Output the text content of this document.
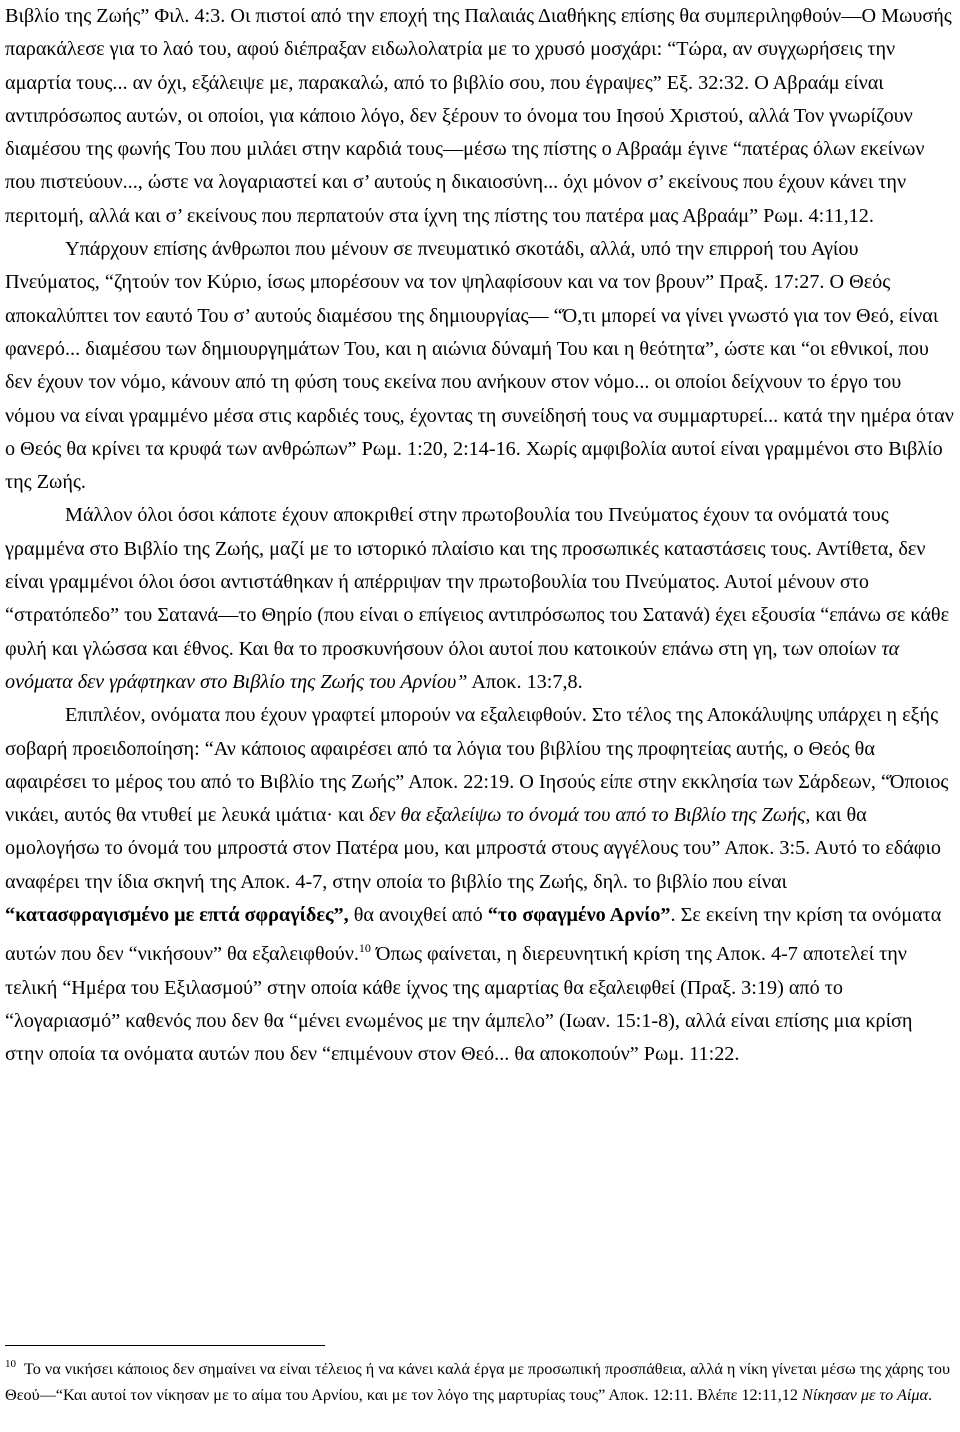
Βιβλίο της Ζωής” Φιλ. 4:3. Οι πιστοί από την εποχή της Παλαιάς Διαθήκης επίσης θα συμπεριληφθούν—Ο Μωυσής παρακάλεσε για το λαό του, αφού διέπραξαν ειδωλολατρία με το χρυσό μοσχάρι: “Τώρα, αν συγχωρήσεις την αμαρτία τους... αν όχι, εξάλειψε με, παρακαλώ, από το βιβλίο σου, που έγραψες” Εξ. 32:32. Ο Αβραάμ είναι αντιπρόσωπος αυτών, οι οποίοι, για κάποιο λόγο, δεν ξέρουν το όνομα του Ιησού Χριστού, αλλά Τον γνωρίζουν διαμέσου της φωνής Του που μιλάει στην καρδιά τους—μέσω της πίστης ο Αβραάμ έγινε “πατέρας όλων εκείνων που πιστεύουν..., ώστε να λογαριαστεί και σ’ αυτούς η δικαιοσύνη... όχι μόνον σ’ εκείνους που έχουν κάνει την περιτομή, αλλά και σ’ εκείνους που περπατούν στα ίχνη της πίστης του πατέρα μας Αβραάμ” Ρωμ. 4:11,12.

Υπάρχουν επίσης άνθρωποι που μένουν σε πνευματικό σκοτάδι, αλλά, υπό την επιρροή του Αγίου Πνεύματος, “ζητούν τον Κύριο, ίσως μπορέσουν να τον ψηλαφίσουν και να τον βρουν” Πραξ. 17:27. Ο Θεός αποκαλύπτει τον εαυτό Του σ’ αυτούς διαμέσου της δημιουργίας— “Ό,τι μπορεί να γίνει γνωστό για τον Θεό, είναι φανερό... διαμέσου των δημιουργημάτων Του, και η αιώνια δύναμή Του και η θεότητα”, ώστε και “οι εθνικοί, που δεν έχουν τον νόμο, κάνουν από τη φύση τους εκείνα που ανήκουν στον νόμο... οι οποίοι δείχνουν το έργο του νόμου να είναι γραμμένο μέσα στις καρδιές τους, έχοντας τη συνείδησή τους να συμμαρτυρεί... κατά την ημέρα όταν ο Θεός θα κρίνει τα κρυφά των ανθρώπων” Ρωμ. 1:20, 2:14-16. Χωρίς αμφιβολία αυτοί είναι γραμμένοι στο Βιβλίο της Ζωής.

Μάλλον όλοι όσοι κάποτε έχουν αποκριθεί στην πρωτοβουλία του Πνεύματος έχουν τα ονόματά τους γραμμένα στο Βιβλίο της Ζωής, μαζί με το ιστορικό πλαίσιο και της προσωπικές καταστάσεις τους. Αντίθετα, δεν είναι γραμμένοι όλοι όσοι αντιστάθηκαν ή απέρριψαν την πρωτοβουλία του Πνεύματος. Αυτοί μένουν στο “στρατόπεδο” του Σατανά—το Θηρίο (που είναι ο επίγειος αντιπρόσωπος του Σατανά) έχει εξουσία “επάνω σε κάθε φυλή και γλώσσα και έθνος. Και θα το προσκυνήσουν όλοι αυτοί που κατοικούν επάνω στη γη, των οποίων τα ονόματα δεν γράφτηκαν στο Βιβλίο της Ζωής του Αρνίου” Αποκ. 13:7,8.

Επιπλέον, ονόματα που έχουν γραφτεί μπορούν να εξαλειφθούν. Στο τέλος της Αποκάλυψης υπάρχει η εξής σοβαρή προειδοποίηση: “Αν κάποιος αφαιρέσει από τα λόγια του βιβλίου της προφητείας αυτής, ο Θεός θα αφαιρέσει το μέρος του από το Βιβλίο της Ζωής” Αποκ. 22:19. Ο Ιησούς είπε στην εκκλησία των Σάρδεων, “Όποιος νικάει, αυτός θα ντυθεί με λευκά ιμάτια· και δεν θα εξαλείψω το όνομά του από το Βιβλίο της Ζωής, και θα ομολογήσω το όνομά του μπροστά στον Πατέρα μου, και μπροστά στους αγγέλους του” Αποκ. 3:5. Αυτό το εδάφιο αναφέρει την ίδια σκηνή της Αποκ. 4-7, στην οποία το βιβλίο της Ζωής, δηλ. το βιβλίο που είναι “κατασφραγισμένο με επτά σφραγίδες”, θα ανοιχθεί από “το σφαγμένο Αρνίο”. Σε εκείνη την κρίση τα ονόματα αυτών που δεν “νικήσουν” θα εξαλειφθούν.$^{10}$ Όπως φαίνεται, η διερευνητική κρίση της Αποκ. 4-7 αποτελεί την τελική “Ημέρα του Εξιλασμού” στην οποία κάθε ίχνος της αμαρτίας θα εξαλειφθεί (Πραξ. 3:19) από το “λογαριασμό” καθενός που δεν θα “μένει ενωμένος με την άμπελο” (Ιωαν. 15:1-8), αλλά είναι επίσης μια κρίση στην οποία τα ονόματα αυτών που δεν “επιμένουν στον Θεό... θα αποκοπούν” Ρωμ. 11:22.

$^{10}$ Το να νικήσει κάποιος δεν σημαίνει να είναι τέλειος ή να κάνει καλά έργα με προσωπική προσπάθεια, αλλά η νίκη γίνεται μέσω της χάρης του Θεού—“Και αυτοί τον νίκησαν με το αίμα του Αρνίου, και με τον λόγο της μαρτυρίας τους” Αποκ. 12:11. Βλέπε 12:11,12 Νίκησαν με το Αίμα.
